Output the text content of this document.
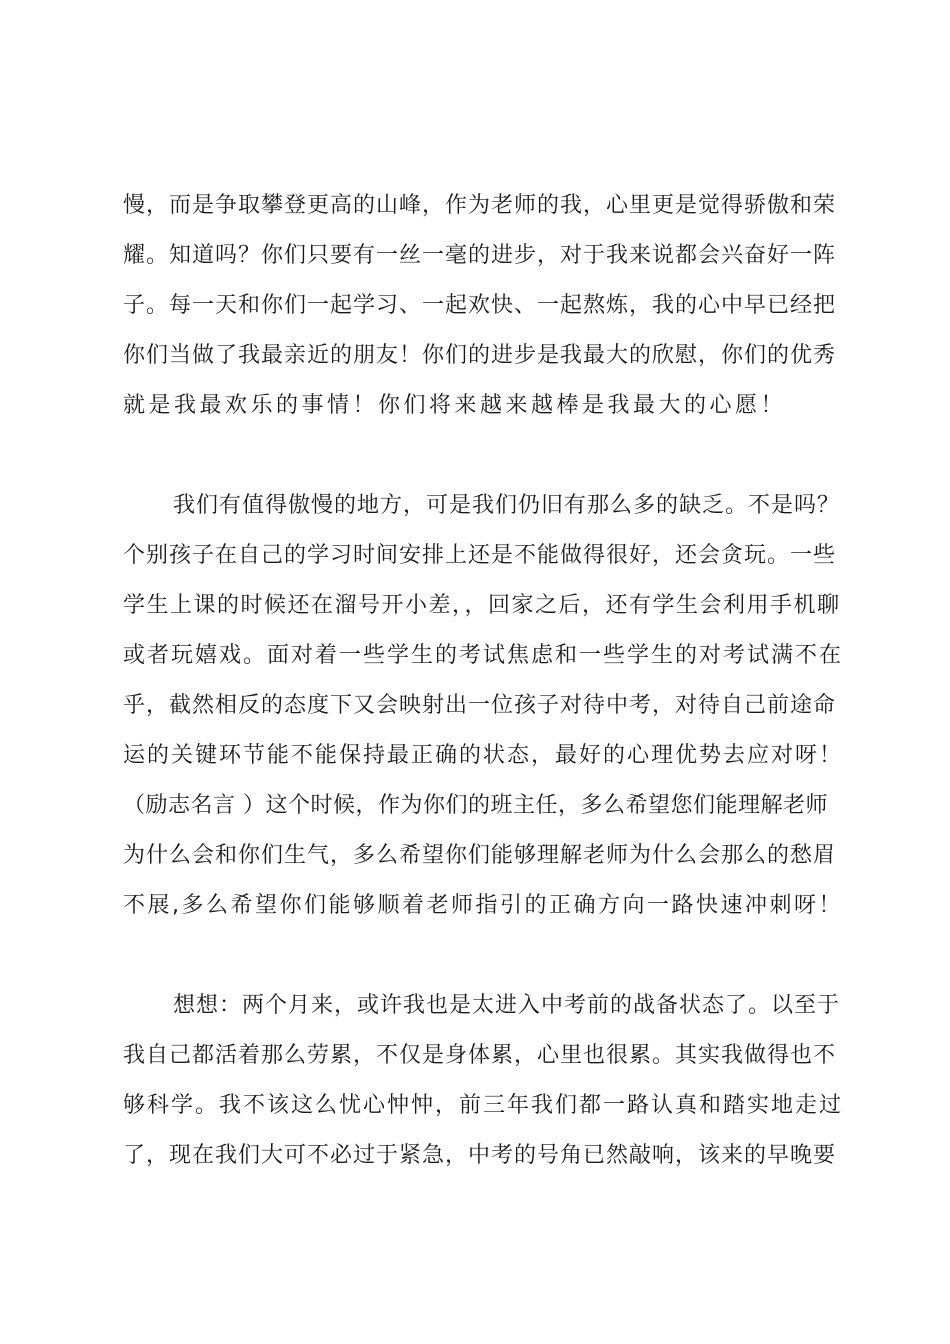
慢，而是争取攀登更高的山峰，作为老师的我，心里更是觉得骄傲和荣
耀。知道吗？你们只要有一丝一毫的进步，对于我来说都会兴奋好一阵
子。每一天和你们一起学习、一起欢快、一起熬炼，我的心中早已经把
你们当做了我最亲近的朋友！你们的进步是我最大的欣慰，你们的优秀
就是我最欢乐的事情！你们将来越来越棒是我最大的心愿！
我们有值得傲慢的地方，可是我们仍旧有那么多的缺乏。不是吗？
个别孩子在自己的学习时间安排上还是不能做得很好，还会贪玩。一些
学生上课的时候还在溜号开小差，，回家之后，还有学生会利用手机聊
或者玩嬉戏。面对着一些学生的考试焦虑和一些学生的对考试满不在
乎，截然相反的态度下又会映射出一位孩子对待中考，对待自己前途命
运的关键环节能不能保持最正确的状态，最好的心理优势去应对呀！
（励志名言 ）这个时候，作为你们的班主任，多么希望您们能理解老师
为什么会和你们生气，多么希望你们能够理解老师为什么会那么的愁眉
不展,多么希望你们能够顺着老师指引的正确方向一路快速冲刺呀！
想想：两个月来，或许我也是太进入中考前的战备状态了。以至于
我自己都活着那么劳累，不仅是身体累，心里也很累。其实我做得也不
够科学。我不该这么忧心忡忡，前三年我们都一路认真和踏实地走过
了，现在我们大可不必过于紧急，中考的号角已然敲响，该来的早晚要
